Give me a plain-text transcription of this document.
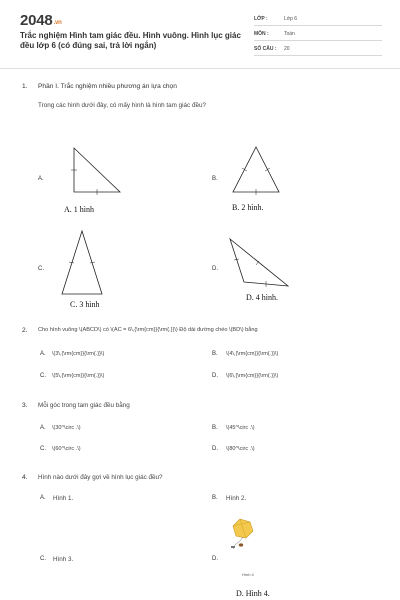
2048.vn
Trắc nghiệm Hình tam giác đều. Hình vuông. Hình lục giác đều lớp 6 (có đúng sai, trả lời ngắn)
LỚP :	Lớp 6
MÔN :	Toán
SỐ CÂU : 20
1. Phần I. Trắc nghiệm nhiều phương án lựa chọn
Trong các hình dưới đây, có mấy hình là hình tam giác đều?
A.
A. 1 hình
B.
B. 2 hình.
C.
C. 3 hình
D.
D. 4 hình.
2. Cho hình vuông \(ABCD\) có \(AC = 6\,{\rm{cm}}{\rm{.}}\) Độ dài đường chéo \(BD\) bằng
A. \(3\,{\rm{cm}}{\rm{.}}\)	B. \(4\,{\rm{cm}}{\rm{.}}\)
C. \(5\,{\rm{cm}}{\rm{.}}\)	D. \(6\,{\rm{cm}}{\rm{.}}\)
3. Mỗi góc trong tam giác đều bằng
A. \(30^\circ .\)	B. \(45^\circ .\)
C. \(60^\circ .\)	D. \(80^\circ .\)
4. Hình nào dưới đây gợi về hình lục giác đều?
A. Hình 1.	B. Hình 2.
C. Hình 3.	D.
Hình 4
D. Hình 4.
